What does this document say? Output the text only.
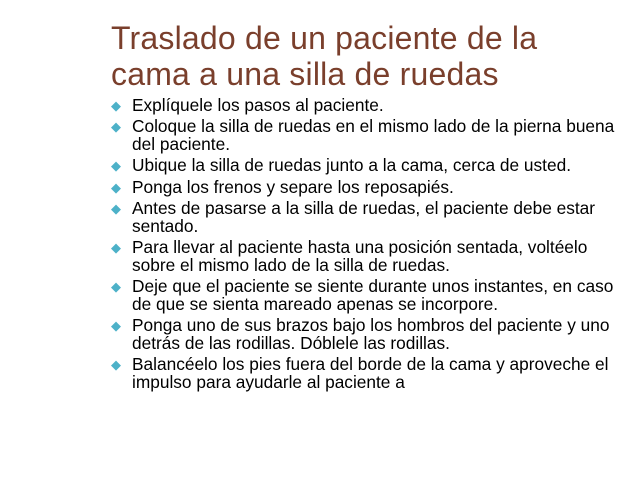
Traslado de un paciente de la cama a una silla de ruedas
◆ Explíquele los pasos al paciente.
◆ Coloque la silla de ruedas en el mismo lado de la pierna buena del paciente.
◆ Ubique la silla de ruedas junto a la cama, cerca de usted.
◆ Ponga los frenos y separe los reposapiés.
◆ Antes de pasarse a la silla de ruedas, el paciente debe estar sentado.
◆ Para llevar al paciente hasta una posición sentada, voltéelo sobre el mismo lado de la silla de ruedas.
◆ Deje que el paciente se siente durante unos instantes, en caso de que se sienta mareado apenas se incorpore.
◆ Ponga uno de sus brazos bajo los hombros del paciente y uno detrás de las rodillas. Dóblele las rodillas.
◆ Balancéelo los pies fuera del borde de la cama y aproveche el impulso para ayudarle al paciente a
